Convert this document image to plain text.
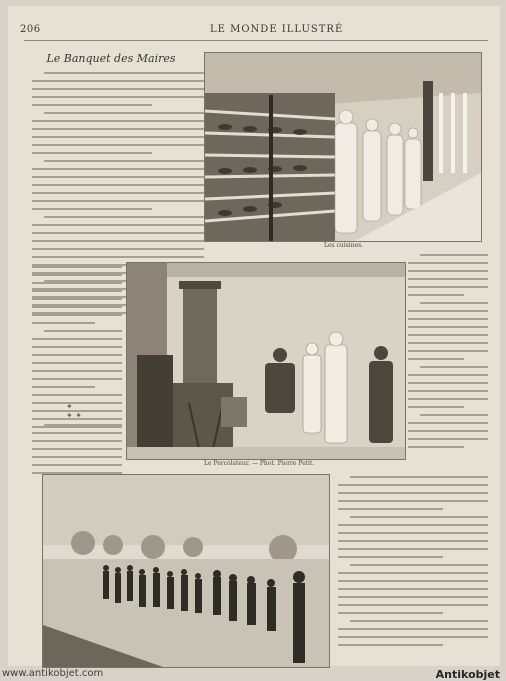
206	LE MONDE ILLUSTRÉ
Le Banquet des Maires
Les cuisines.
✦
✦ ✦
Le Percolateur. — Phot. Pierre Petit.
www.antikobjet.com	Antikobjet
